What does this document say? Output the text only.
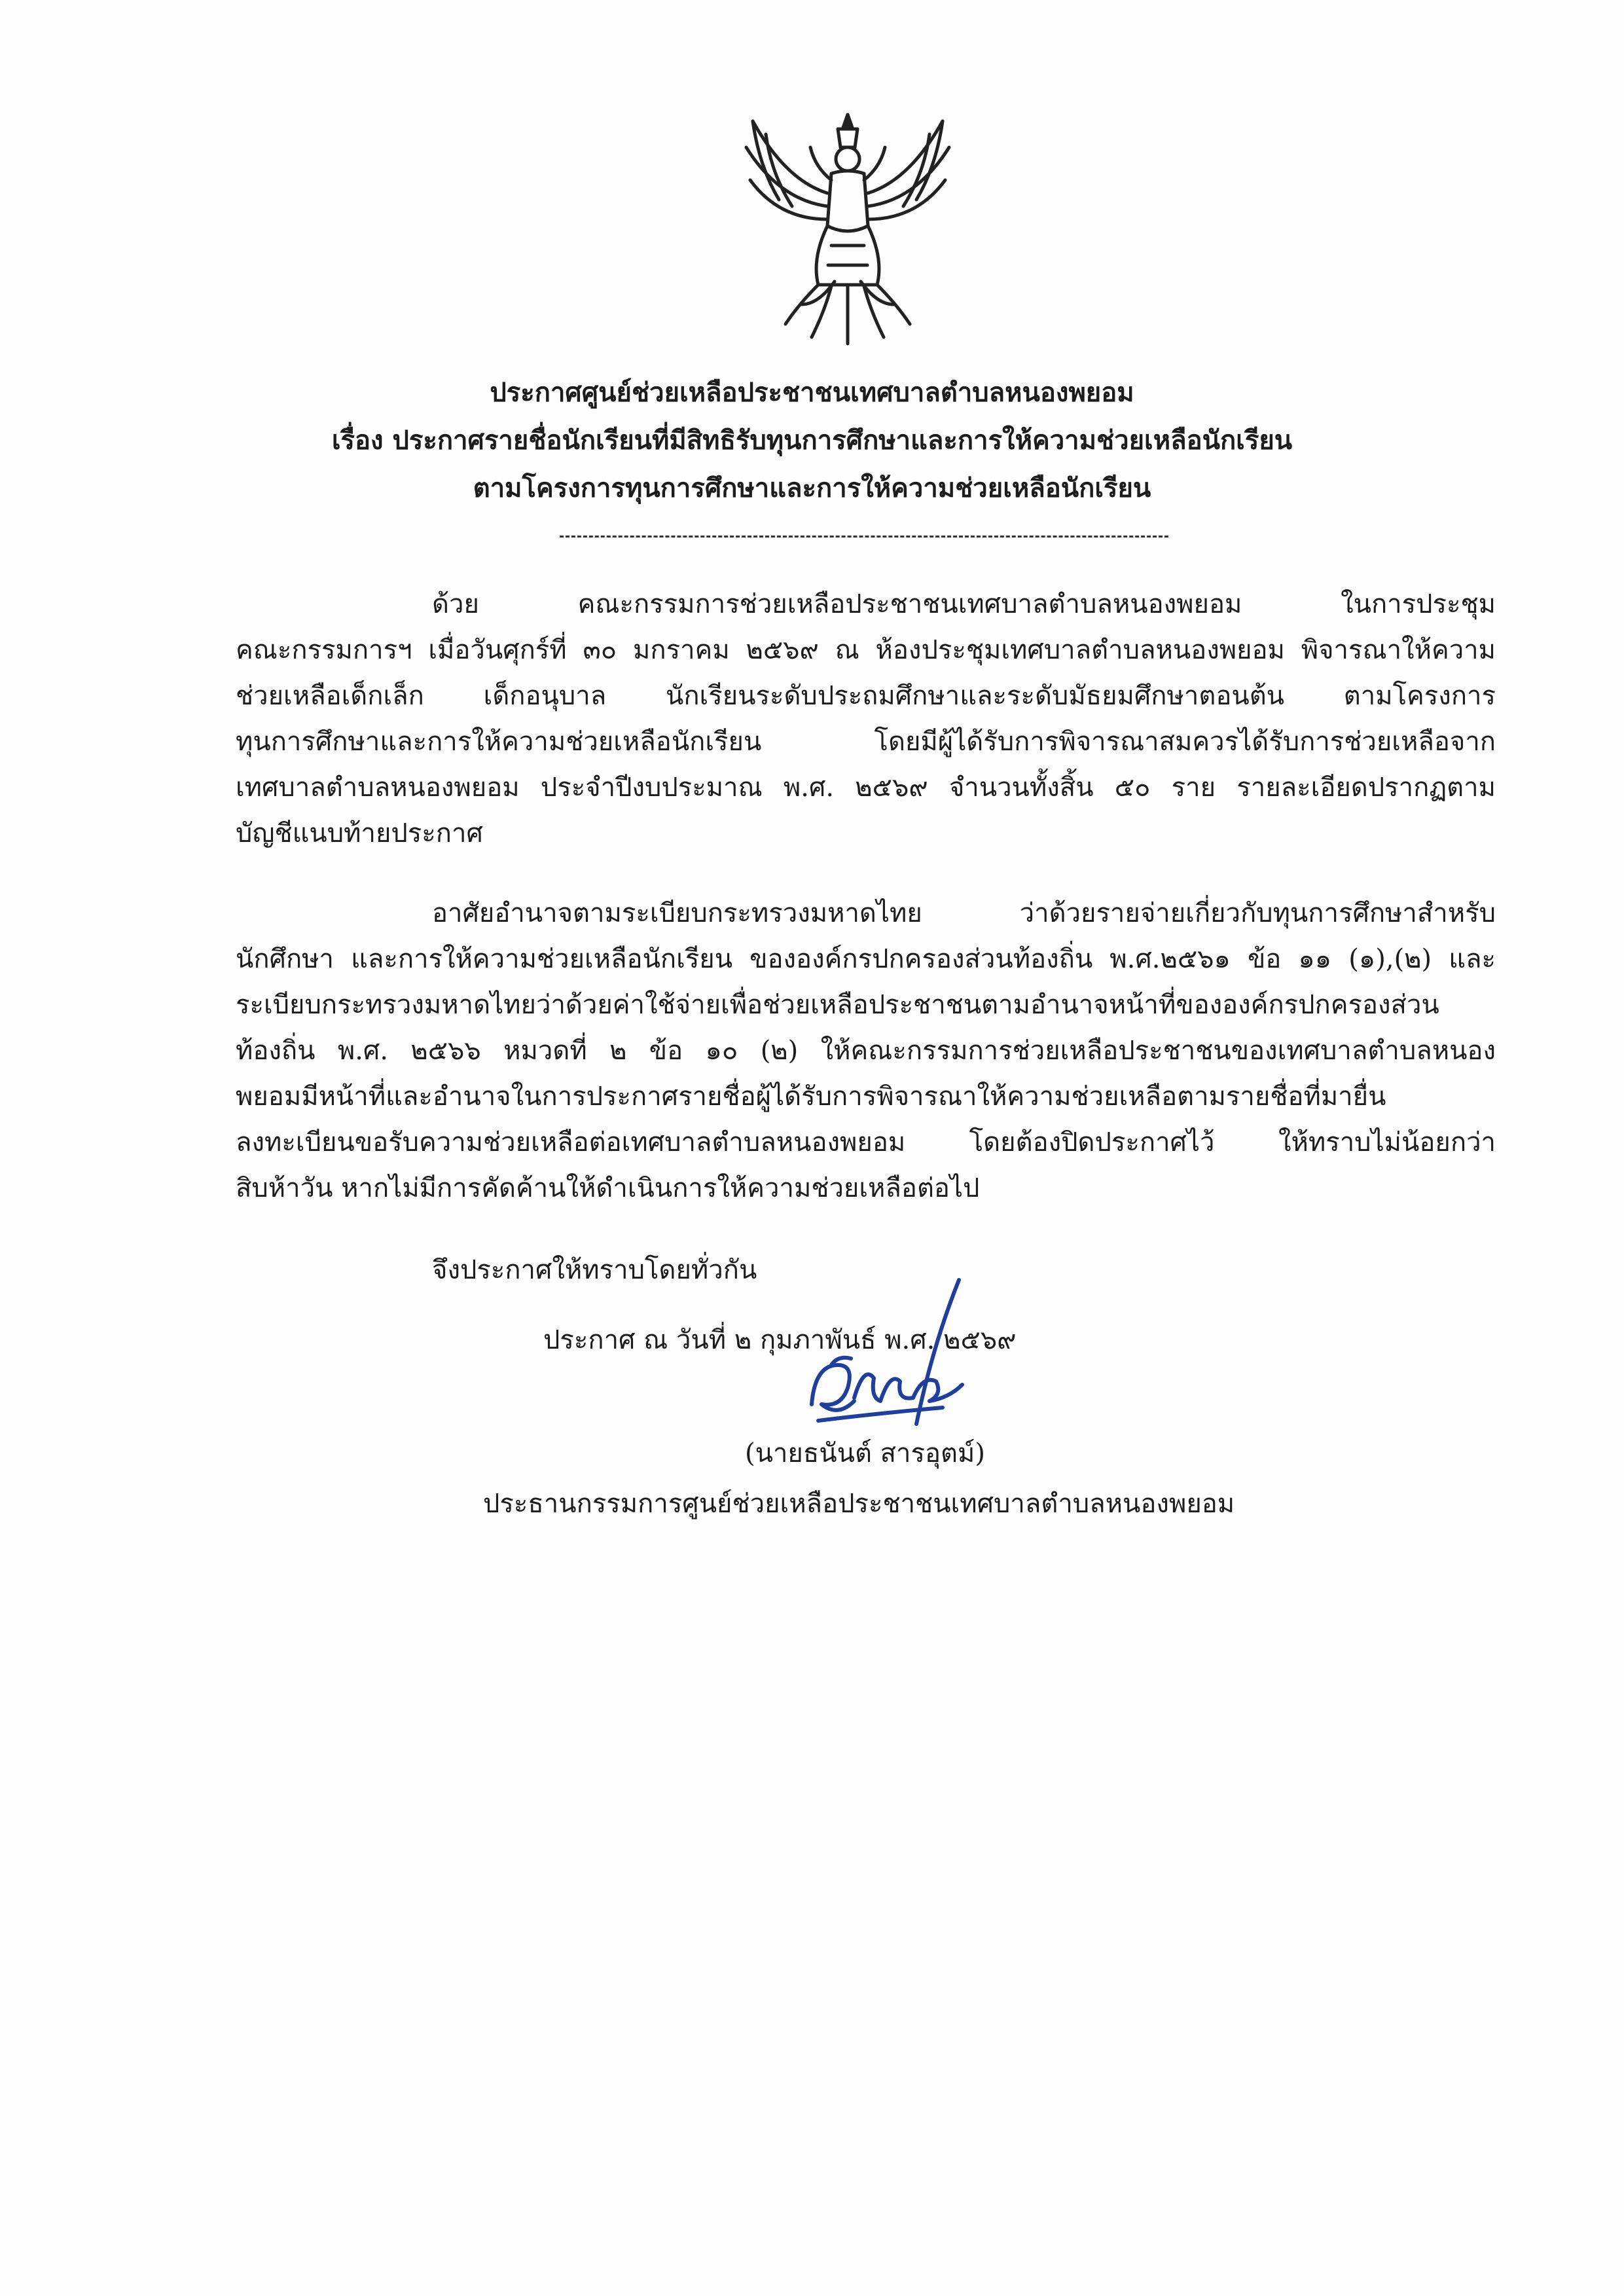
ประกาศศูนย์ช่วยเหลือประชาชนเทศบาลตำบลหนองพยอม
เรื่อง ประกาศรายชื่อนักเรียนที่มีสิทธิรับทุนการศึกษาและการให้ความช่วยเหลือนักเรียน
ตามโครงการทุนการศึกษาและการให้ความช่วยเหลือนักเรียน
ด้วย คณะกรรมการช่วยเหลือประชาชนเทศบาลตำบลหนองพยอม ในการประชุม
คณะกรรมการฯ เมื่อวันศุกร์ที่ ๓๐ มกราคม ๒๕๖๙ ณ ห้องประชุมเทศบาลตำบลหนองพยอม พิจารณาให้ความ
ช่วยเหลือเด็กเล็ก เด็กอนุบาล นักเรียนระดับประถมศึกษาและระดับมัธยมศึกษาตอนต้น ตามโครงการ
ทุนการศึกษาและการให้ความช่วยเหลือนักเรียน โดยมีผู้ได้รับการพิจารณาสมควรได้รับการช่วยเหลือจาก
เทศบาลตำบลหนองพยอม ประจำปีงบประมาณ พ.ศ. ๒๕๖๙ จำนวนทั้งสิ้น ๕๐ ราย รายละเอียดปรากฏตาม
บัญชีแนบท้ายประกาศ
อาศัยอำนาจตามระเบียบกระทรวงมหาดไทย ว่าด้วยรายจ่ายเกี่ยวกับทุนการศึกษาสำหรับ
นักศึกษา และการให้ความช่วยเหลือนักเรียน ขององค์กรปกครองส่วนท้องถิ่น พ.ศ.๒๕๖๑ ข้อ ๑๑ (๑),(๒) และ
ระเบียบกระทรวงมหาดไทยว่าด้วยค่าใช้จ่ายเพื่อช่วยเหลือประชาชนตามอำนาจหน้าที่ขององค์กรปกครองส่วน
ท้องถิ่น พ.ศ. ๒๕๖๖ หมวดที่ ๒ ข้อ ๑๐ (๒) ให้คณะกรรมการช่วยเหลือประชาชนของเทศบาลตำบลหนอง
พยอมมีหน้าที่และอำนาจในการประกาศรายชื่อผู้ได้รับการพิจารณาให้ความช่วยเหลือตามรายชื่อที่มายื่น
ลงทะเบียนขอรับความช่วยเหลือต่อเทศบาลตำบลหนองพยอม โดยต้องปิดประกาศไว้ ให้ทราบไม่น้อยกว่า
สิบห้าวัน หากไม่มีการคัดค้านให้ดำเนินการให้ความช่วยเหลือต่อไป
จึงประกาศให้ทราบโดยทั่วกัน
ประกาศ ณ วันที่ ๒ กุมภาพันธ์ พ.ศ. ๒๕๖๙
(นายธนันต์ สารอุตม์)
ประธานกรรมการศูนย์ช่วยเหลือประชาชนเทศบาลตำบลหนองพยอม
